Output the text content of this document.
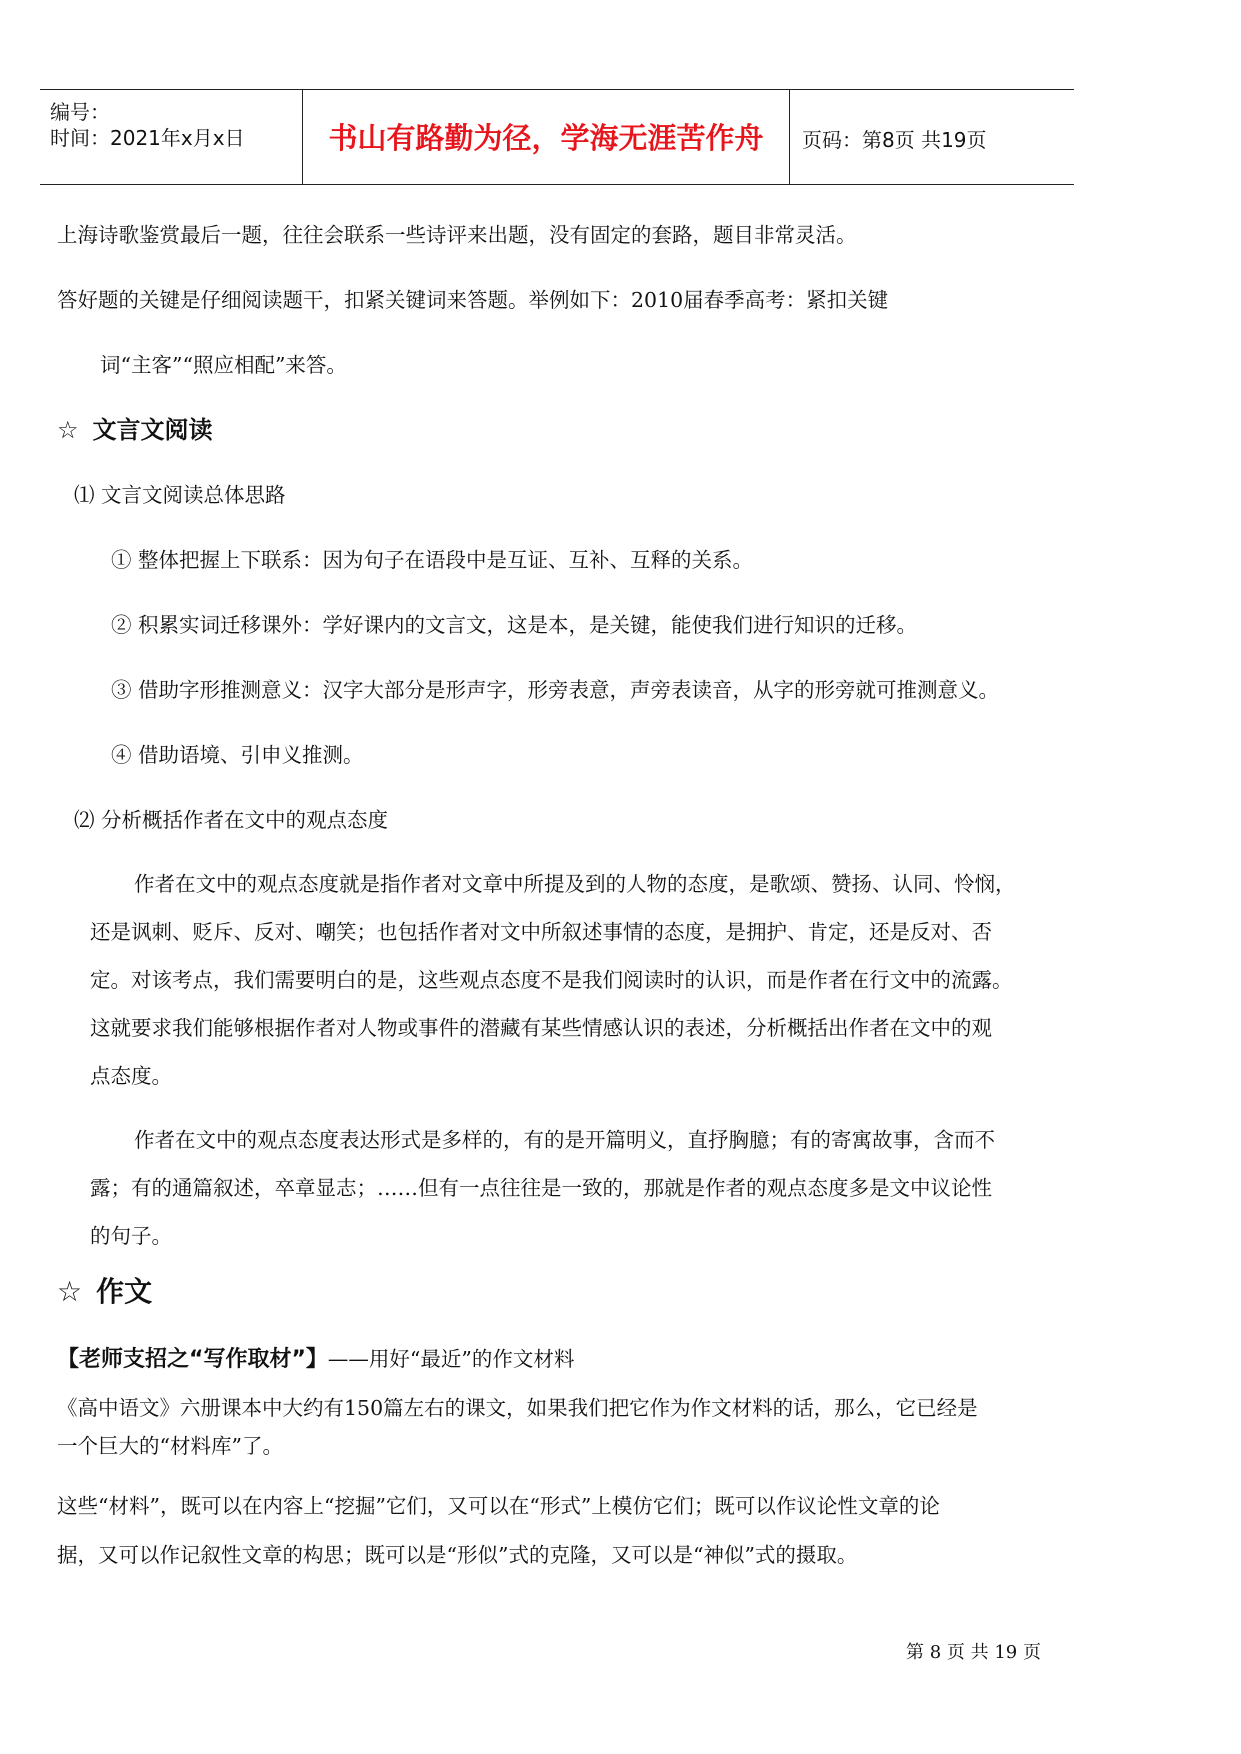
编号：
时间：2021年x月x日	书山有路勤为径，学海无涯苦作舟	页码：第8页 共19页
上海诗歌鉴赏最后一题，往往会联系一些诗评来出题，没有固定的套路，题目非常灵活。
答好题的关键是仔细阅读题干，扣紧关键词来答题。举例如下：2010届春季高考：紧扣关键
词“主客”“照应相配”来答。
☆ 文言文阅读
⑴ 文言文阅读总体思路
① 整体把握上下联系：因为句子在语段中是互证、互补、互释的关系。
② 积累实词迁移课外：学好课内的文言文，这是本，是关键，能使我们进行知识的迁移。
③ 借助字形推测意义：汉字大部分是形声字，形旁表意，声旁表读音，从字的形旁就可推测意义。
④ 借助语境、引申义推测。
⑵ 分析概括作者在文中的观点态度
作者在文中的观点态度就是指作者对文章中所提及到的人物的态度，是歌颂、赞扬、认同、怜悯，
还是讽刺、贬斥、反对、嘲笑；也包括作者对文中所叙述事情的态度，是拥护、肯定，还是反对、否
定。对该考点，我们需要明白的是，这些观点态度不是我们阅读时的认识，而是作者在行文中的流露。
这就要求我们能够根据作者对人物或事件的潜藏有某些情感认识的表述，分析概括出作者在文中的观
点态度。
作者在文中的观点态度表达形式是多样的，有的是开篇明义，直抒胸臆；有的寄寓故事，含而不
露；有的通篇叙述，卒章显志；……但有一点往往是一致的，那就是作者的观点态度多是文中议论性
的句子。
☆ 作文
【老师支招之“写作取材”】——用好“最近”的作文材料
《高中语文》六册课本中大约有150篇左右的课文，如果我们把它作为作文材料的话，那么，它已经是
一个巨大的“材料库”了。
这些“材料”，既可以在内容上“挖掘”它们，又可以在“形式”上模仿它们；既可以作议论性文章的论
据，又可以作记叙性文章的构思；既可以是“形似”式的克隆，又可以是“神似”式的摄取。
第 8 页 共 19 页
